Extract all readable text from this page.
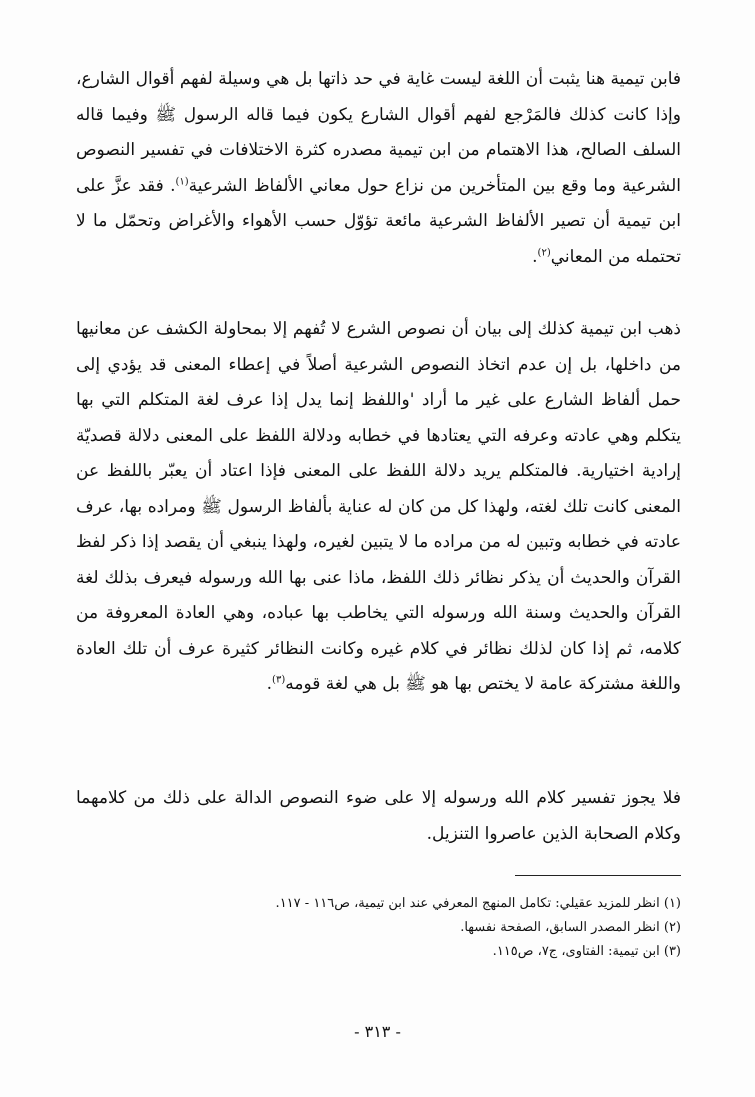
فابن تيمية هنا يثبت أن اللغة ليست غاية في حد ذاتها بل هي وسيلة لفهم أقوال الشارع، وإذا كانت كذلك فالمَرْجع لفهم أقوال الشارع يكون فيما قاله الرسول ﷺ وفيما قاله السلف الصالح، هذا الاهتمام من ابن تيمية مصدره كثرة الاختلافات في تفسير النصوص الشرعية وما وقع بين المتأخرين من نزاع حول معاني الألفاظ الشرعية$^{(١)}$. فقد عزَّ على ابن تيمية أن تصير الألفاظ الشرعية مائعة تؤوّل حسب الأهواء والأغراض وتحمّل ما لا تحتمله من المعاني$^{(٢)}$.

ذهب ابن تيمية كذلك إلى بيان أن نصوص الشرع لا تُفهم إلا بمحاولة الكشف عن معانيها من داخلها، بل إن عدم اتخاذ النصوص الشرعية أصلاً في إعطاء المعنى قد يؤدي إلى حمل ألفاظ الشارع على غير ما أراد 'واللفظ إنما يدل إذا عرف لغة المتكلم التي بها يتكلم وهي عادته وعرفه التي يعتادها في خطابه ودلالة اللفظ على المعنى دلالة قصديّة إرادية اختيارية. فالمتكلم يريد دلالة اللفظ على المعنى فإذا اعتاد أن يعبّر باللفظ عن المعنى كانت تلك لغته، ولهذا كل من كان له عناية بألفاظ الرسول ﷺ ومراده بها، عرف عادته في خطابه وتبين له من مراده ما لا يتبين لغيره، ولهذا ينبغي أن يقصد إذا ذكر لفظ القرآن والحديث أن يذكر نظائر ذلك اللفظ، ماذا عنى بها الله ورسوله فيعرف بذلك لغة القرآن والحديث وسنة الله ورسوله التي يخاطب بها عباده، وهي العادة المعروفة من كلامه، ثم إذا كان لذلك نظائر في كلام غيره وكانت النظائر كثيرة عرف أن تلك العادة واللغة مشتركة عامة لا يختص بها هو ﷺ بل هي لغة قومه$^{(٣)}$.

فلا يجوز تفسير كلام الله ورسوله إلا على ضوء النصوص الدالة على ذلك من كلامهما وكلام الصحابة الذين عاصروا التنزيل.

(١) انظر للمزيد عقيلي: تكامل المنهج المعرفي عند ابن تيمية، ص١١٦ - ١١٧.

(٢) انظر المصدر السابق، الصفحة نفسها.

(٣) ابن تيمية: الفتاوى، ج٧، ص١١٥.

- ٣١٣ -
